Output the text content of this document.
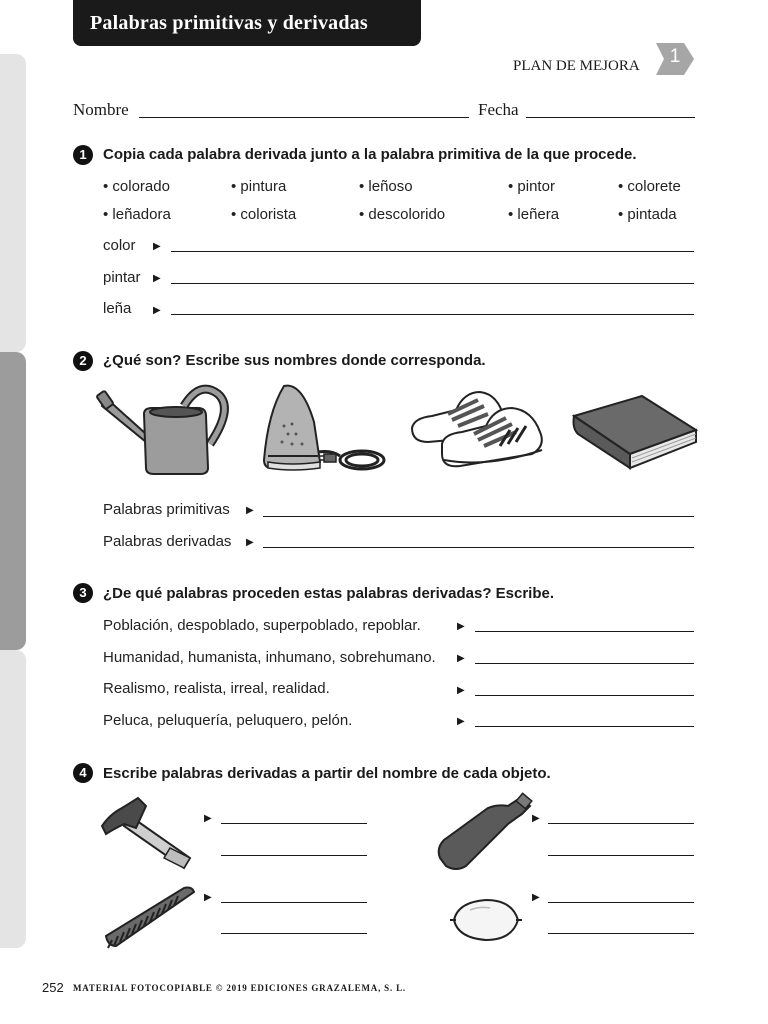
Palabras primitivas y derivadas
PLAN DE MEJORA 1
Nombre	Fecha
1	Copia cada palabra derivada junto a la palabra primitiva de la que procede.
• colorado	• pintura	• leñoso	• pintor	• colorete
• leñadora	• colorista	• descolorido	• leñera	• pintada
color ▶
pintar ▶
leña ▶
2	¿Qué son? Escribe sus nombres donde corresponda.
Palabras primitivas ▶
Palabras derivadas ▶
3	¿De qué palabras proceden estas palabras derivadas? Escribe.
Población, despoblado, superpoblado, repoblar.	▶
Humanidad, humanista, inhumano, sobrehumano. ▶
Realismo, realista, irreal, realidad.	▶
Peluca, peluquería, peluquero, pelón.	▶
4	Escribe palabras derivadas a partir del nombre de cada objeto.
▶	▶
▶	▶
252 MATERIAL FOTOCOPIABLE © 2019 EDICIONES GRAZALEMA, S. L.
